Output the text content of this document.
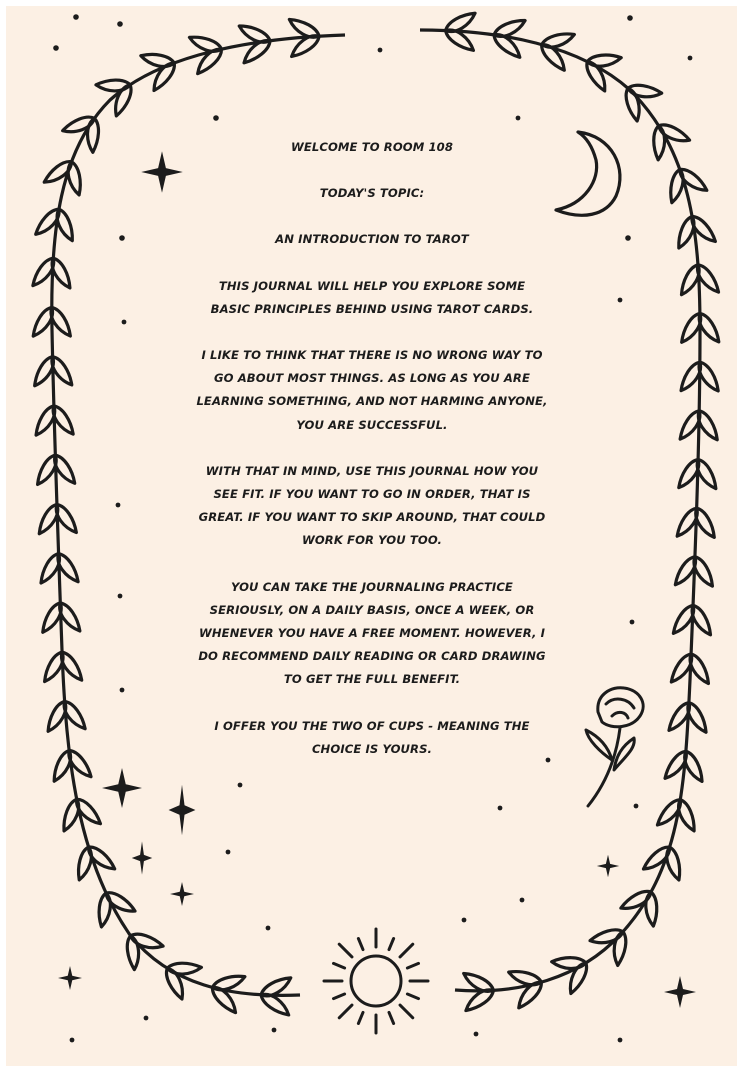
WELCOME TO ROOM 108

TODAY'S TOPIC:

AN INTRODUCTION TO TAROT

THIS JOURNAL WILL HELP YOU EXPLORE SOME

BASIC PRINCIPLES BEHIND USING TAROT CARDS.

I LIKE TO THINK THAT THERE IS NO WRONG WAY TO

GO ABOUT MOST THINGS. AS LONG AS YOU ARE

LEARNING SOMETHING, AND NOT HARMING ANYONE,

YOU ARE SUCCESSFUL.

WITH THAT IN MIND, USE THIS JOURNAL HOW YOU

SEE FIT. IF YOU WANT TO GO IN ORDER, THAT IS

GREAT. IF YOU WANT TO SKIP AROUND, THAT COULD

WORK FOR YOU TOO.

YOU CAN TAKE THE JOURNALING PRACTICE

SERIOUSLY, ON A DAILY BASIS, ONCE A WEEK, OR

WHENEVER YOU HAVE A FREE MOMENT. HOWEVER, I

DO RECOMMEND DAILY READING OR CARD DRAWING

TO GET THE FULL BENEFIT.

I OFFER YOU THE TWO OF CUPS - MEANING THE

CHOICE IS YOURS.
